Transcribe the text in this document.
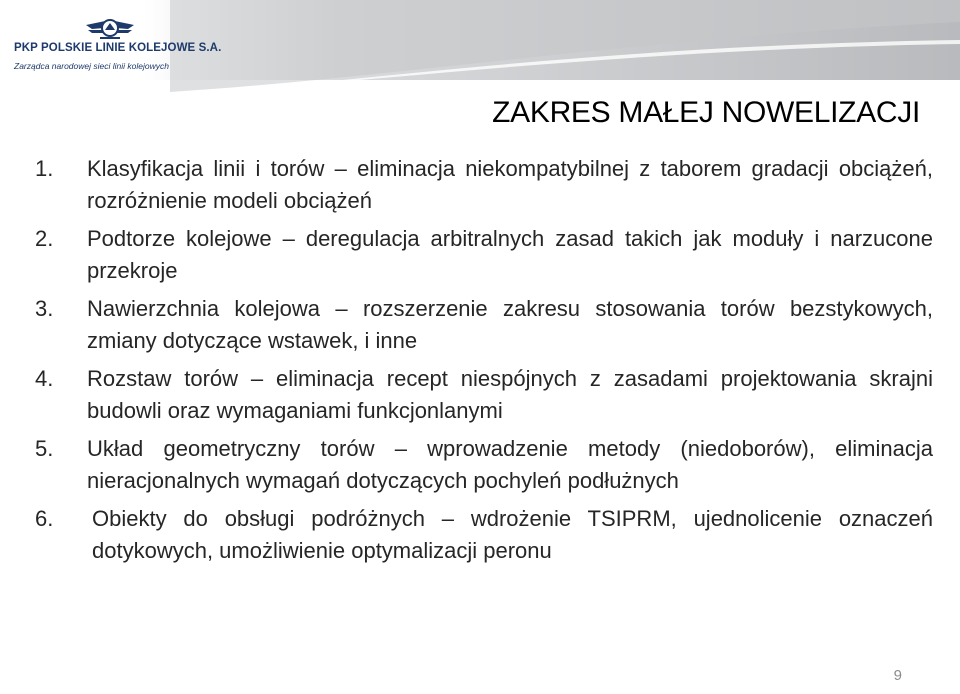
PKP POLSKIE LINIE KOLEJOWE S.A.
Zarządca narodowej sieci linii kolejowych
ZAKRES MAŁEJ NOWELIZACJI
1. Klasyfikacja linii i torów – eliminacja niekompatybilnej z taborem gradacji obciążeń, rozróżnienie modeli obciążeń
2. Podtorze kolejowe – deregulacja arbitralnych zasad takich jak moduły i narzucone przekroje
3. Nawierzchnia kolejowa – rozszerzenie zakresu stosowania torów bezstykowych, zmiany dotyczące wstawek, i inne
4. Rozstaw torów – eliminacja recept niespójnych z zasadami projektowania skrajni budowli oraz wymaganiami funkcjonlanymi
5. Układ geometryczny torów – wprowadzenie metody (niedoborów), eliminacja nieracjonalnych wymagań dotyczących pochyleń podłużnych
6. Obiekty do obsługi podróżnych – wdrożenie TSIPRM, ujednolicenie oznaczeń dotykowych, umożliwienie optymalizacji peronu
9
